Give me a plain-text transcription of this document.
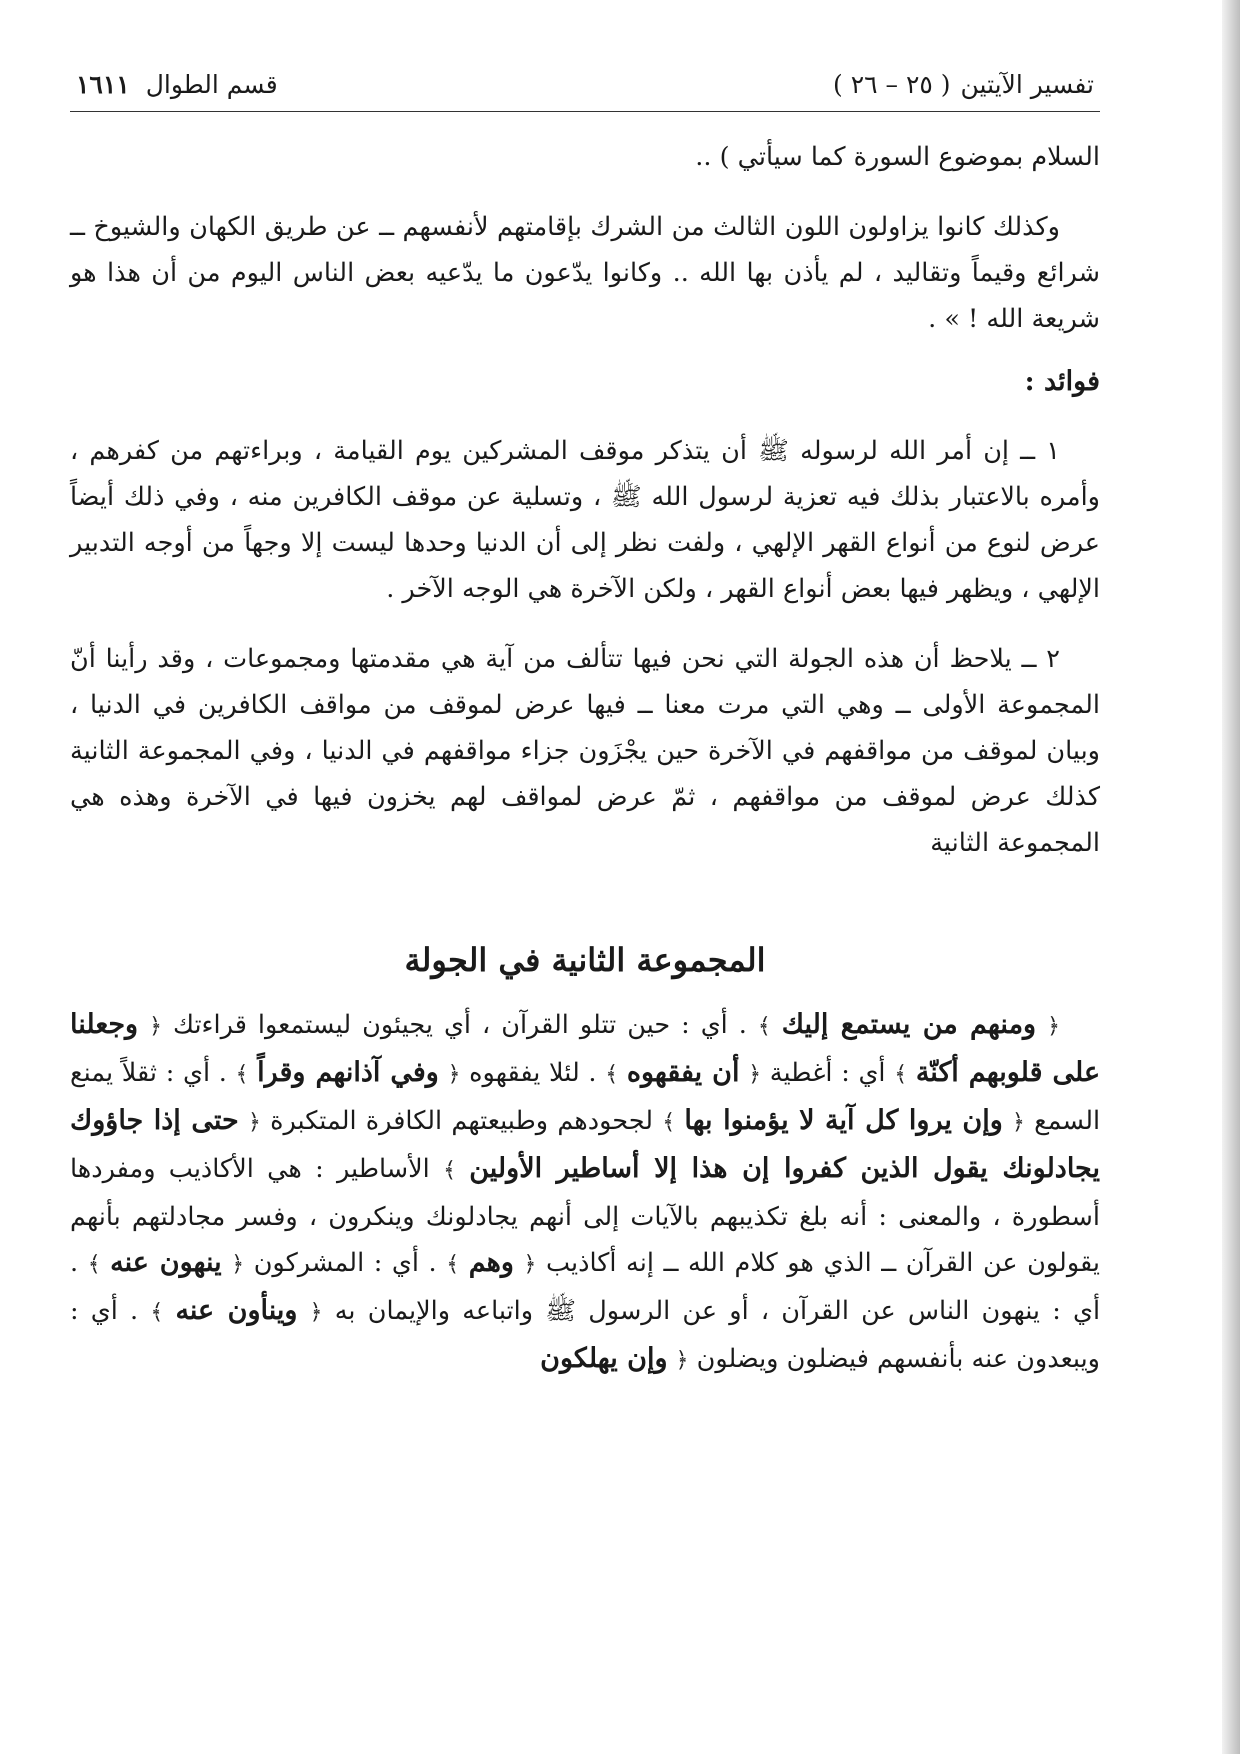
تفسير الآيتين
( ٢٥ – ٢٦ )
قسم الطوال
١٦١١

السلام بموضوع السورة كما سيأتي ) ..

وكذلك كانوا يزاولون اللون الثالث من الشرك بإقامتهم لأنفسهم ــ عن طريق الكهان والشيوخ ــ شرائع وقيماً وتقاليد ، لم يأذن بها الله .. وكانوا يدّعون ما يدّعيه بعض الناس اليوم من أن هذا هو شريعة الله ! » .

فوائد :

١ ــ إن أمر الله لرسوله ﷺ أن يتذكر موقف المشركين يوم القيامة ، وبراءتهم من كفرهم ، وأمره بالاعتبار بذلك فيه تعزية لرسول الله ﷺ ، وتسلية عن موقف الكافرين منه ، وفي ذلك أيضاً عرض لنوع من أنواع القهر الإلهي ، ولفت نظر إلى أن الدنيا وحدها ليست إلا وجهاً من أوجه التدبير الإلهي ، ويظهر فيها بعض أنواع القهر ، ولكن الآخرة هي الوجه الآخر .

٢ ــ يلاحظ أن هذه الجولة التي نحن فيها تتألف من آية هي مقدمتها ومجموعات ، وقد رأينا أنّ المجموعة الأولى ــ وهي التي مرت معنا ــ فيها عرض لموقف من مواقف الكافرين في الدنيا ، وبيان لموقف من مواقفهم في الآخرة حين يجْزَون جزاء مواقفهم في الدنيا ، وفي المجموعة الثانية كذلك عرض لموقف من مواقفهم ، ثمّ عرض لمواقف لهم يخزون فيها في الآخرة وهذه هي المجموعة الثانية

المجموعة الثانية في الجولة

﴿ ومنهم من يستمع إليك ﴾ . أي : حين تتلو القرآن ، أي يجيئون ليستمعوا قراءتك ﴿ وجعلنا على قلوبهم أكنّة ﴾ أي : أغطية ﴿ أن يفقهوه ﴾ . لئلا يفقهوه ﴿ وفي آذانهم وقراً ﴾ . أي : ثقلاً يمنع السمع ﴿ وإن يروا كل آية لا يؤمنوا بها ﴾ لجحودهم وطبيعتهم الكافرة المتكبرة ﴿ حتى إذا جاؤوك يجادلونك يقول الذين كفروا إن هذا إلا أساطير الأولين ﴾ الأساطير : هي الأكاذيب ومفردها أسطورة ، والمعنى : أنه بلغ تكذيبهم بالآيات إلى أنهم يجادلونك وينكرون ، وفسر مجادلتهم بأنهم يقولون عن القرآن ــ الذي هو كلام الله ــ إنه أكاذيب ﴿ وهم ﴾ . أي : المشركون ﴿ ينهون عنه ﴾ . أي : ينهون الناس عن القرآن ، أو عن الرسول ﷺ واتباعه والإيمان به ﴿ وينأون عنه ﴾ . أي : ويبعدون عنه بأنفسهم فيضلون ويضلون ﴿ وإن يهلكون
